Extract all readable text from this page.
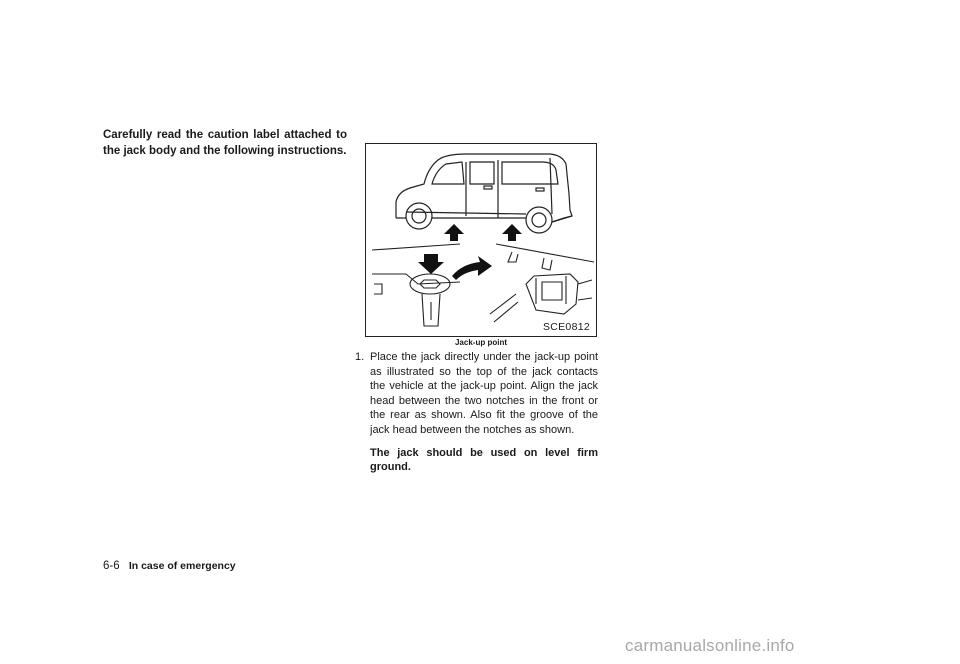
Carefully read the caution label attached to the jack body and the following instructions.
SCE0812
Jack-up point
1. Place the jack directly under the jack-up point as illustrated so the top of the jack contacts the vehicle at the jack-up point. Align the jack head between the two notches in the front or the rear as shown. Also fit the groove of the jack head between the notches as shown.
The jack should be used on level firm ground.
6-6 In case of emergency
carmanualsonline.info
